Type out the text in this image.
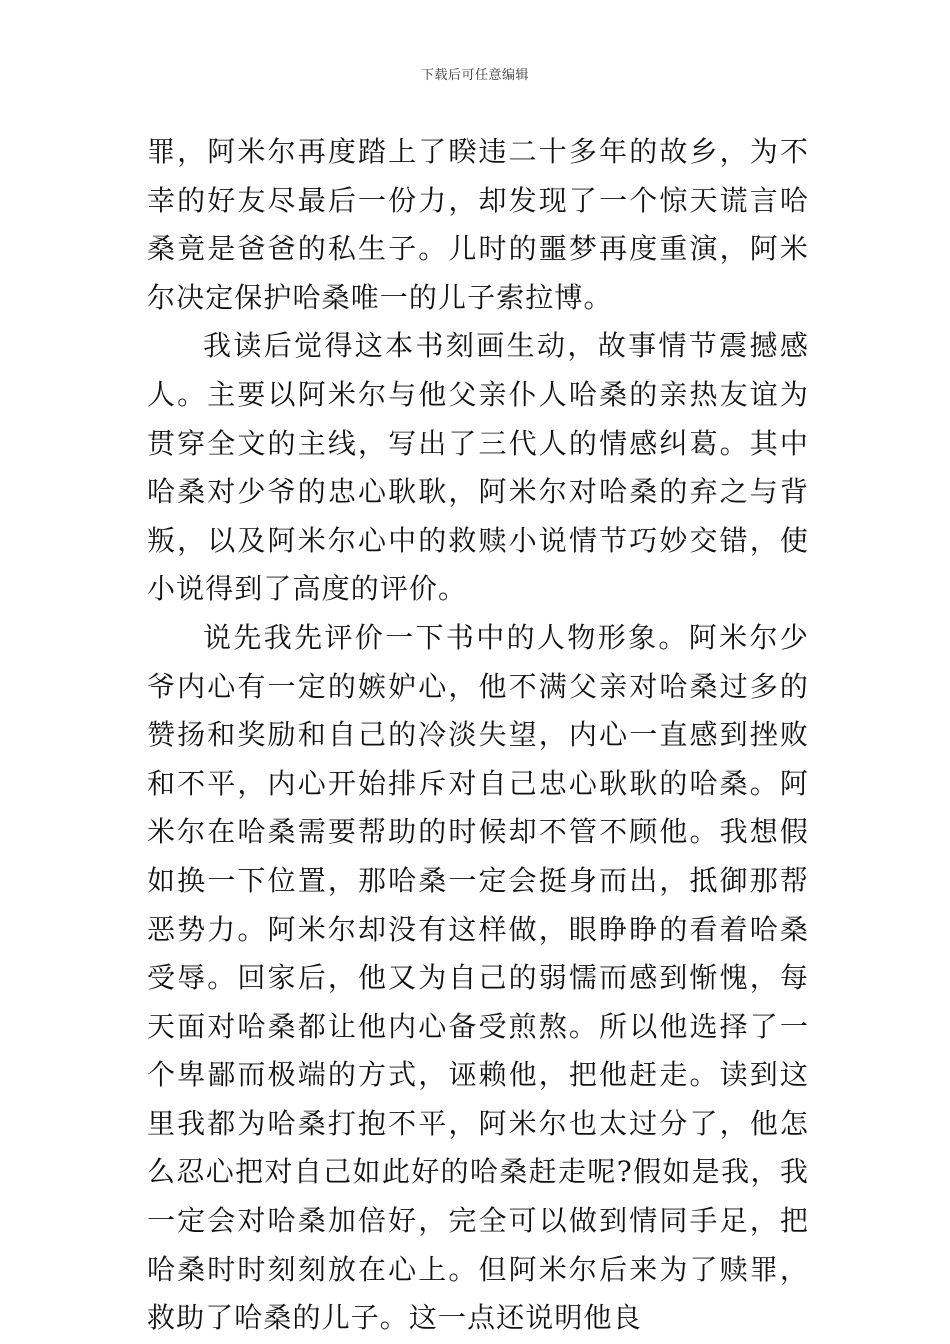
下载后可任意编辑

罪，阿米尔再度踏上了睽违二十多年的故乡，为不幸的好友尽最后一份力，却发现了一个惊天谎言哈桑竟是爸爸的私生子。儿时的噩梦再度重演，阿米尔决定保护哈桑唯一的儿子索拉博。

我读后觉得这本书刻画生动，故事情节震撼感人。主要以阿米尔与他父亲仆人哈桑的亲热友谊为贯穿全文的主线，写出了三代人的情感纠葛。其中哈桑对少爷的忠心耿耿，阿米尔对哈桑的弃之与背叛，以及阿米尔心中的救赎小说情节巧妙交错，使小说得到了高度的评价。

说先我先评价一下书中的人物形象。阿米尔少爷内心有一定的嫉妒心，他不满父亲对哈桑过多的赞扬和奖励和自己的冷淡失望，内心一直感到挫败和不平，内心开始排斥对自己忠心耿耿的哈桑。阿米尔在哈桑需要帮助的时候却不管不顾他。我想假如换一下位置，那哈桑一定会挺身而出，抵御那帮恶势力。阿米尔却没有这样做，眼睁睁的看着哈桑受辱。回家后，他又为自己的弱懦而感到惭愧，每天面对哈桑都让他内心备受煎熬。所以他选择了一个卑鄙而极端的方式，诬赖他，把他赶走。读到这里我都为哈桑打抱不平，阿米尔也太过分了，他怎么忍心把对自己如此好的哈桑赶走呢?假如是我，我一定会对哈桑加倍好，完全可以做到情同手足，把哈桑时时刻刻放在心上。但阿米尔后来为了赎罪，救助了哈桑的儿子。这一点还说明他良
